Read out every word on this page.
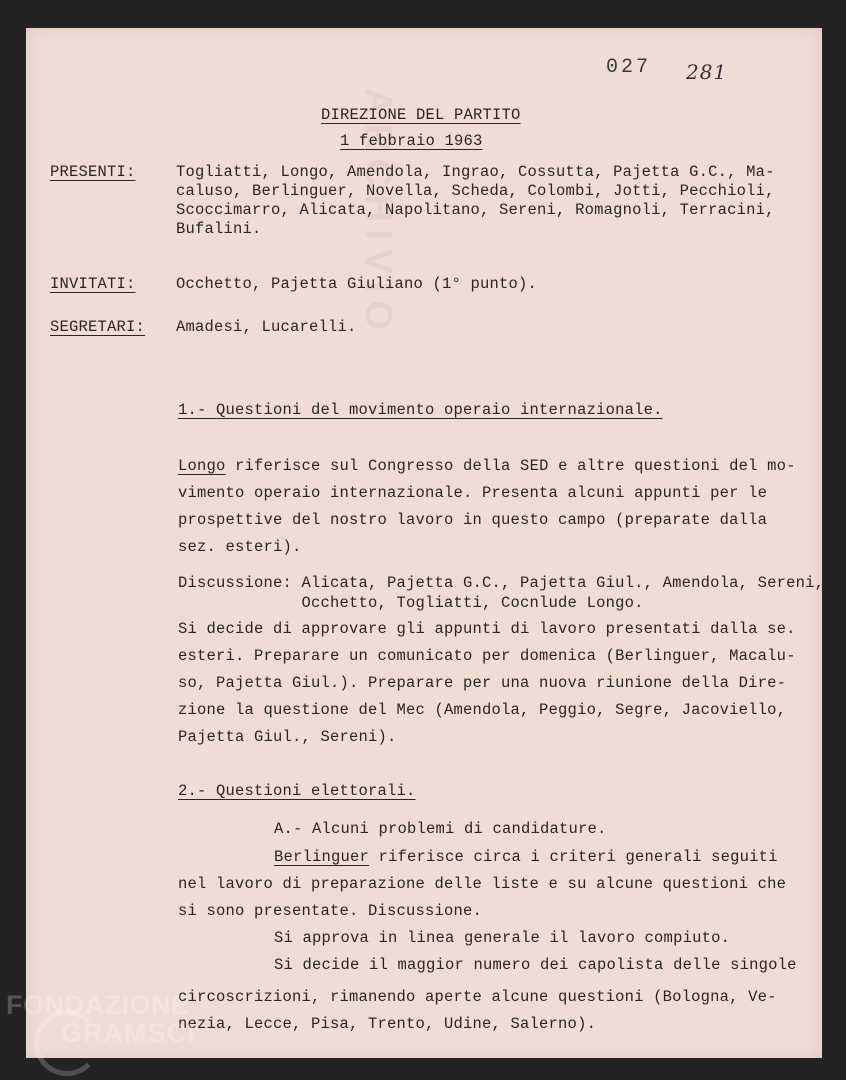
ARCHIVIO
027 281
DIREZIONE DEL PARTITO
1 febbraio 1963
PRESENTI:	Togliatti, Longo, Amendola, Ingrao, Cossutta, Pajetta G.C., Ma-
caluso, Berlinguer, Novella, Scheda, Colombi, Jotti, Pecchioli,
Scoccimarro, Alicata, Napolitano, Sereni, Romagnoli, Terracini,
Bufalini.
INVITATI:	Occhetto, Pajetta Giuliano (1° punto).
SEGRETARI: Amadesi, Lucarelli.
1.- Questioni del movimento operaio internazionale.
Longo riferisce sul Congresso della SED e altre questioni del mo-
vimento operaio internazionale. Presenta alcuni appunti per le
prospettive del nostro lavoro in questo campo (preparate dalla
sez. esteri).
Discussione: Alicata, Pajetta G.C., Pajetta Giul., Amendola, Sereni,
Occhetto, Togliatti, Cocnlude Longo.
Si decide di approvare gli appunti di lavoro presentati dalla se.
esteri. Preparare un comunicato per domenica (Berlinguer, Macalu-
so, Pajetta Giul.). Preparare per una nuova riunione della Dire-
zione la questione del Mec (Amendola, Peggio, Segre, Jacoviello,
Pajetta Giul., Sereni).
2.- Questioni elettorali.
A.- Alcuni problemi di candidature.
Berlinguer riferisce circa i criteri generali seguiti
nel lavoro di preparazione delle liste e su alcune questioni che
si sono presentate. Discussione.
Si approva in linea generale il lavoro compiuto.
Si decide il maggior numero dei capolista delle singole
circoscrizioni, rimanendo aperte alcune questioni (Bologna, Ve-
nezia, Lecce, Pisa, Trento, Udine, Salerno).
FONDAZIONE
GRAMSCI
